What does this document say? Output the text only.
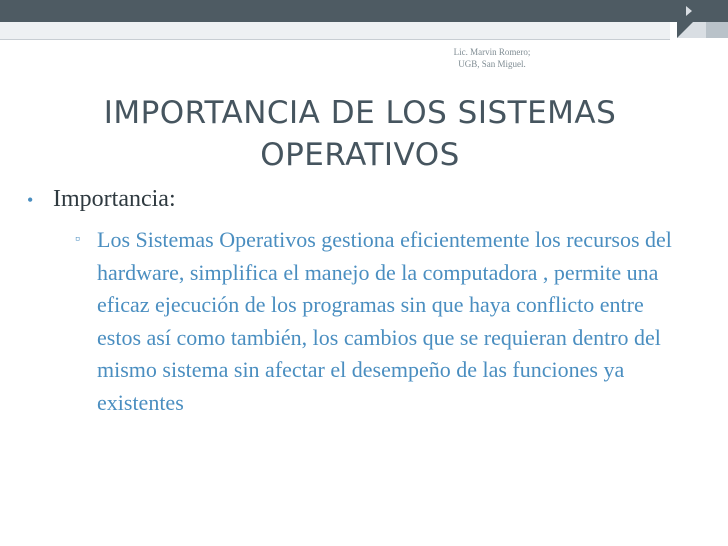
Lic. Marvin Romero;
UGB, San Miguel.
IMPORTANCIA DE LOS SISTEMAS OPERATIVOS
• Importancia:
▫ Los Sistemas Operativos gestiona eficientemente los recursos del hardware, simplifica el manejo de la computadora , permite una eficaz ejecución de los programas sin que haya conflicto entre estos así como también, los cambios que se requieran dentro del mismo sistema sin afectar el desempeño de las funciones ya existentes
